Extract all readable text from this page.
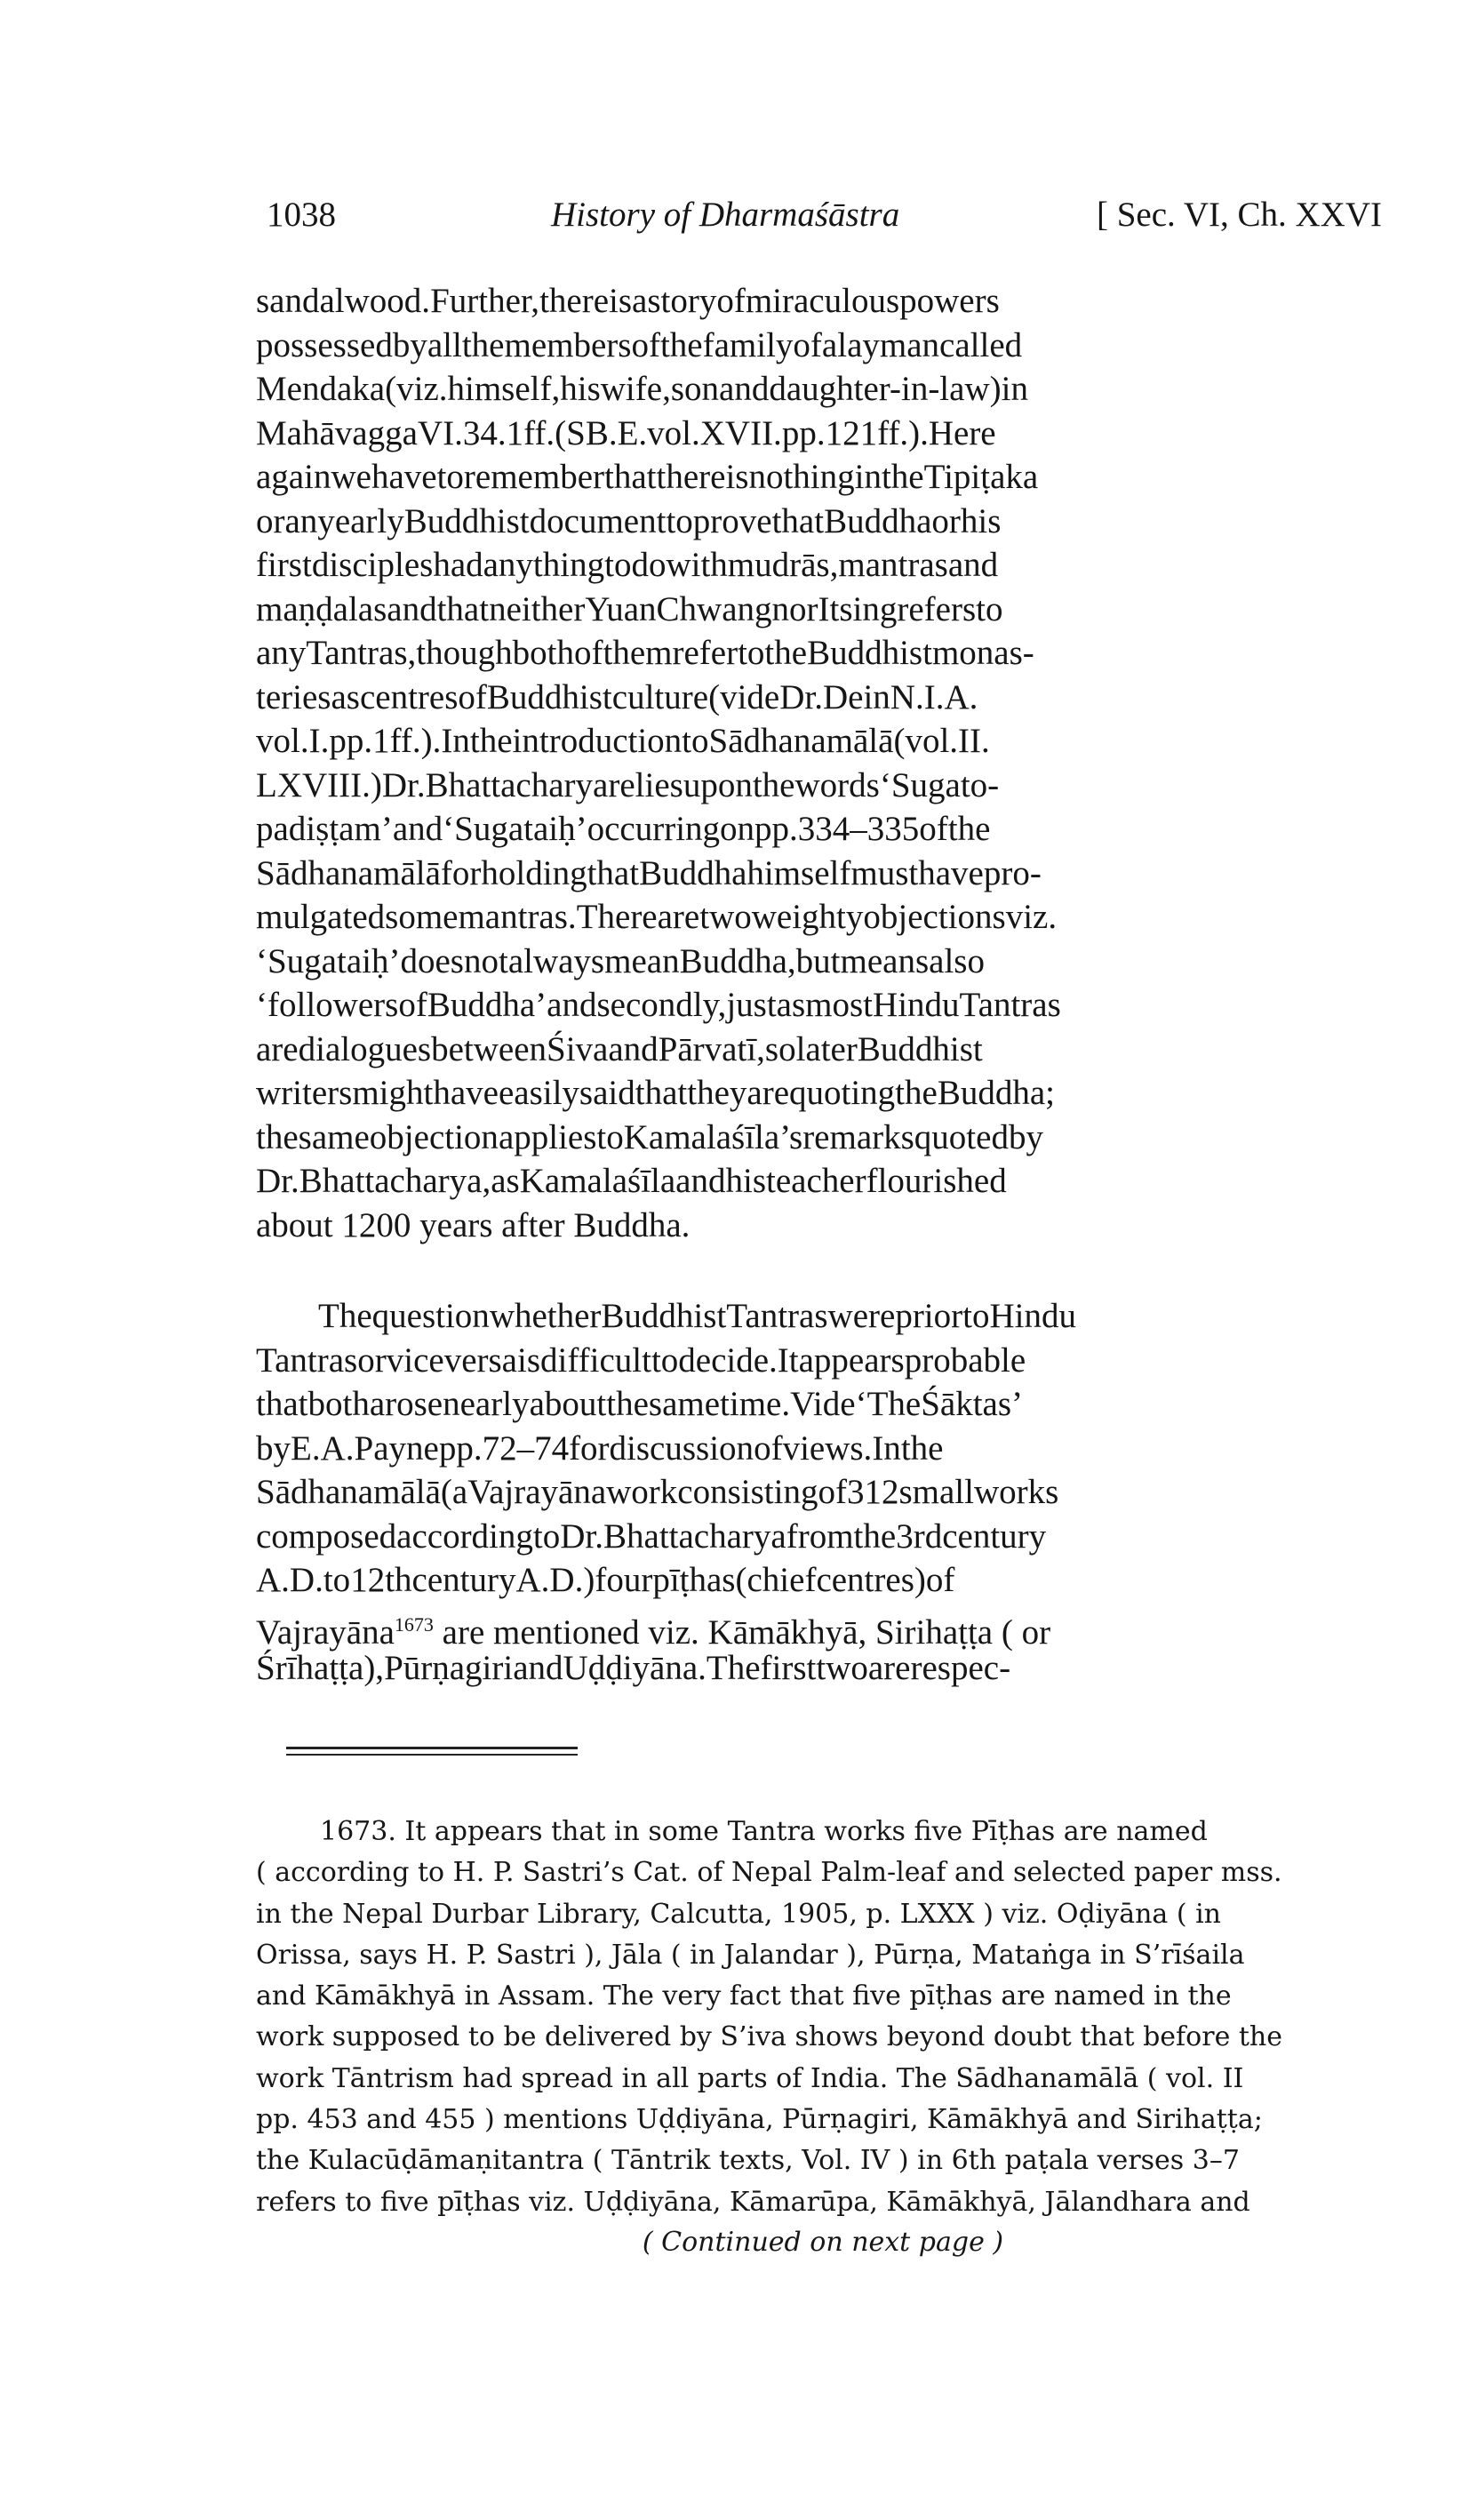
1038	History of Dharmaśāstra	[ Sec. VI, Ch. XXVI
sandalwood.Further,thereisastoryofmiraculouspowers
possessedbyallthemembersofthefamilyofalaymancalled
Mendaka(viz.himself,hiswife,sonanddaughter-in-law)in
MahāvaggaVI.34.1ff.(SB.E.vol.XVII.pp.121ff.).Here
againwehavetorememberthatthereisnothingintheTipiṭaka
oranyearlyBuddhistdocumenttoprovethatBuddhaorhis
firstdiscipleshadanythingtodowithmudrās,mantrasand
maṇḍalasandthatneitherYuanChwangnorItsingrefersto
anyTantras,thoughbothofthemrefertotheBuddhistmonas-
teriesascentresofBuddhistculture(videDr.DeinN.I.A.
vol.I.pp.1ff.).IntheintroductiontoSādhanamālā(vol.II.
LXVIII.)Dr.Bhattacharyareliesuponthewords‘Sugato-
padiṣṭam’and‘Sugataiḥ’occurringonpp.334–335ofthe
SādhanamālāforholdingthatBuddhahimselfmusthavepro-
mulgatedsomemantras.Therearetwoweightyobjectionsviz.
‘Sugataiḥ’doesnotalwaysmeanBuddha,butmeansalso
‘followersofBuddha’andsecondly,justasmostHinduTantras
aredialoguesbetweenŚivaandPārvatī,solaterBuddhist
writersmighthaveeasilysaidthattheyarequotingtheBuddha;
thesameobjectionappliestoKamalaśīla’sremarksquotedby
Dr.Bhattacharya,asKamalaśīlaandhisteacherflourished
about 1200 years after Buddha.
ThequestionwhetherBuddhistTantraswerepriortoHindu
Tantrasorviceversaisdifficulttodecide.Itappearsprobable
thatbotharosenearlyaboutthesametime.Vide‘TheŚāktas’
byE.A.Paynepp.72–74fordiscussionofviews.Inthe
Sādhanamālā(aVajrayānaworkconsistingof312smallworks
composedaccordingtoDr.Bhattacharyafromthe3rdcentury
A.D.to12thcenturyA.D.)fourpīṭhas(chiefcentres)of
Vajrayāna$^{1673}$ are mentioned viz. Kāmākhyā, Sirihaṭṭa ( or
Śrīhaṭṭa),PūrṇagiriandUḍḍiyāna.Thefirsttwoarerespec-
1673. It appears that in some Tantra works five Pīṭhas are named
( according to H. P. Sastri’s Cat. of Nepal Palm-leaf and selected paper mss.
in the Nepal Durbar Library, Calcutta, 1905, p. LXXX ) viz. Oḍiyāna ( in
Orissa, says H. P. Sastri ), Jāla ( in Jalandar ), Pūrṇa, Mataṅga in S’rīśaila
and Kāmākhyā in Assam. The very fact that five pīṭhas are named in the
work supposed to be delivered by S’iva shows beyond doubt that before the
work Tāntrism had spread in all parts of India. The Sādhanamālā ( vol. II
pp. 453 and 455 ) mentions Uḍḍiyāna, Pūrṇagiri, Kāmākhyā and Sirihaṭṭa;
the Kulacūḍāmaṇitantra ( Tāntrik texts, Vol. IV ) in 6th paṭala verses 3–7
refers to five pīṭhas viz. Uḍḍiyāna, Kāmarūpa, Kāmākhyā, Jālandhara and
( Continued on next page )
